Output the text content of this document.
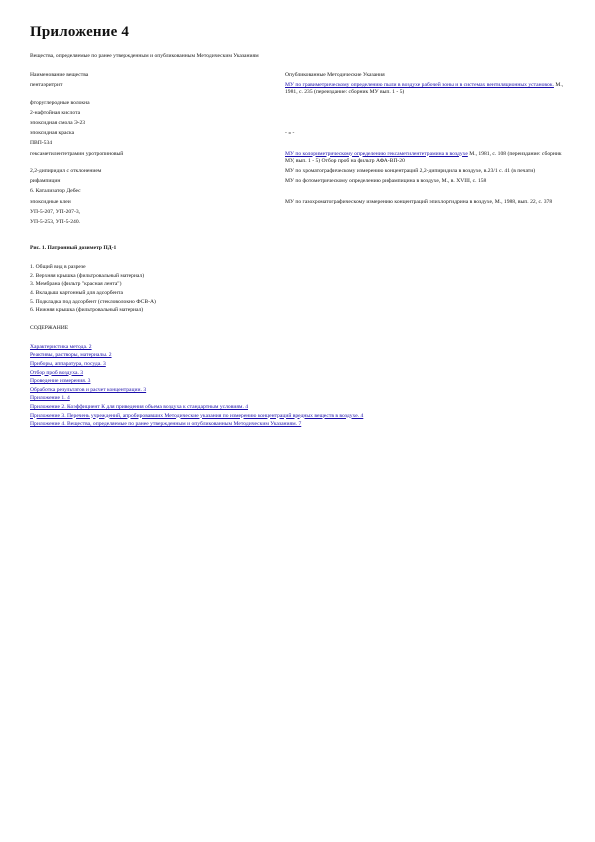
Приложение 4
Вещества, определяемые по ранее утвержденным и опубликованным Методическим Указаниям
Наименование вещества	Опубликованные Методические Указания
пентаэритрит	МУ по гравиметрическому определению пыли в воздухе рабочей зоны и в системах вентиляционных установок. М., 1981, с. 235 (переиздание: сборник МУ вып. 1 - 5)
фторуглеродные волокна	
2-нафтойная кислота	
эпоксидная смола Э-23	
эпоксидная краска	- « -
ПВП-534	
гексаметилентетрамин уротропиновый	МУ по колориметрическому определению гексаметилентетрамина в воздухе М., 1981, с. 108 (переиздание: сборник МУ, вып. 1 - 5) Отбор проб на фильтр АФА-ВП-20
2,2-дипиридил с отклонением	МУ по хроматографическому измерению концентраций 2,2-дипиридила в воздухе, в.23/1 с. 41 (в печати)
рифампицин	МУ по фотометрическому определению рифампицина в воздухе, М., в. XVIII, с. 158
6. Катализатор Дебес	
эпоксидные клеи	МУ по газохроматографическому измерению концентраций эпихлоргидрина в воздухе, М., 1988, вып. 22, с. 378
УП-5-207, УП-207-3,	
УП-5-253, УП-5-240.	
Рис. 1. Патронный дозиметр ПД-1
1. Общий вид в разрезе
2. Верхняя крышка (фильтровальный материал)
3. Мембрана (фильтр "красная лента")
4. Вкладыш картонный для адсорбента
5. Подкладка под адсорбент (стекловолокно ФСВ-А)
6. Нижняя крышка (фильтровальный материал)
СОДЕРЖАНИЕ
Характеристика метода. 2
Реактивы, растворы, материалы. 2
Приборы, аппаратура, посуда. 3
Отбор проб воздуха. 3
Проведение измерения. 3
Обработка результатов и расчет концентрации. 3
Приложение 1. 4
Приложение 2. Коэффициент К для приведения объема воздуха к стандартным условиям. 4
Приложение 3. Перечень учреждений, апробировавших Методические указания по измерению концентраций вредных веществ в воздухе. 4
Приложение 4. Вещества, определяемые по ранее утвержденным и опубликованным Методическим Указаниям. 7
